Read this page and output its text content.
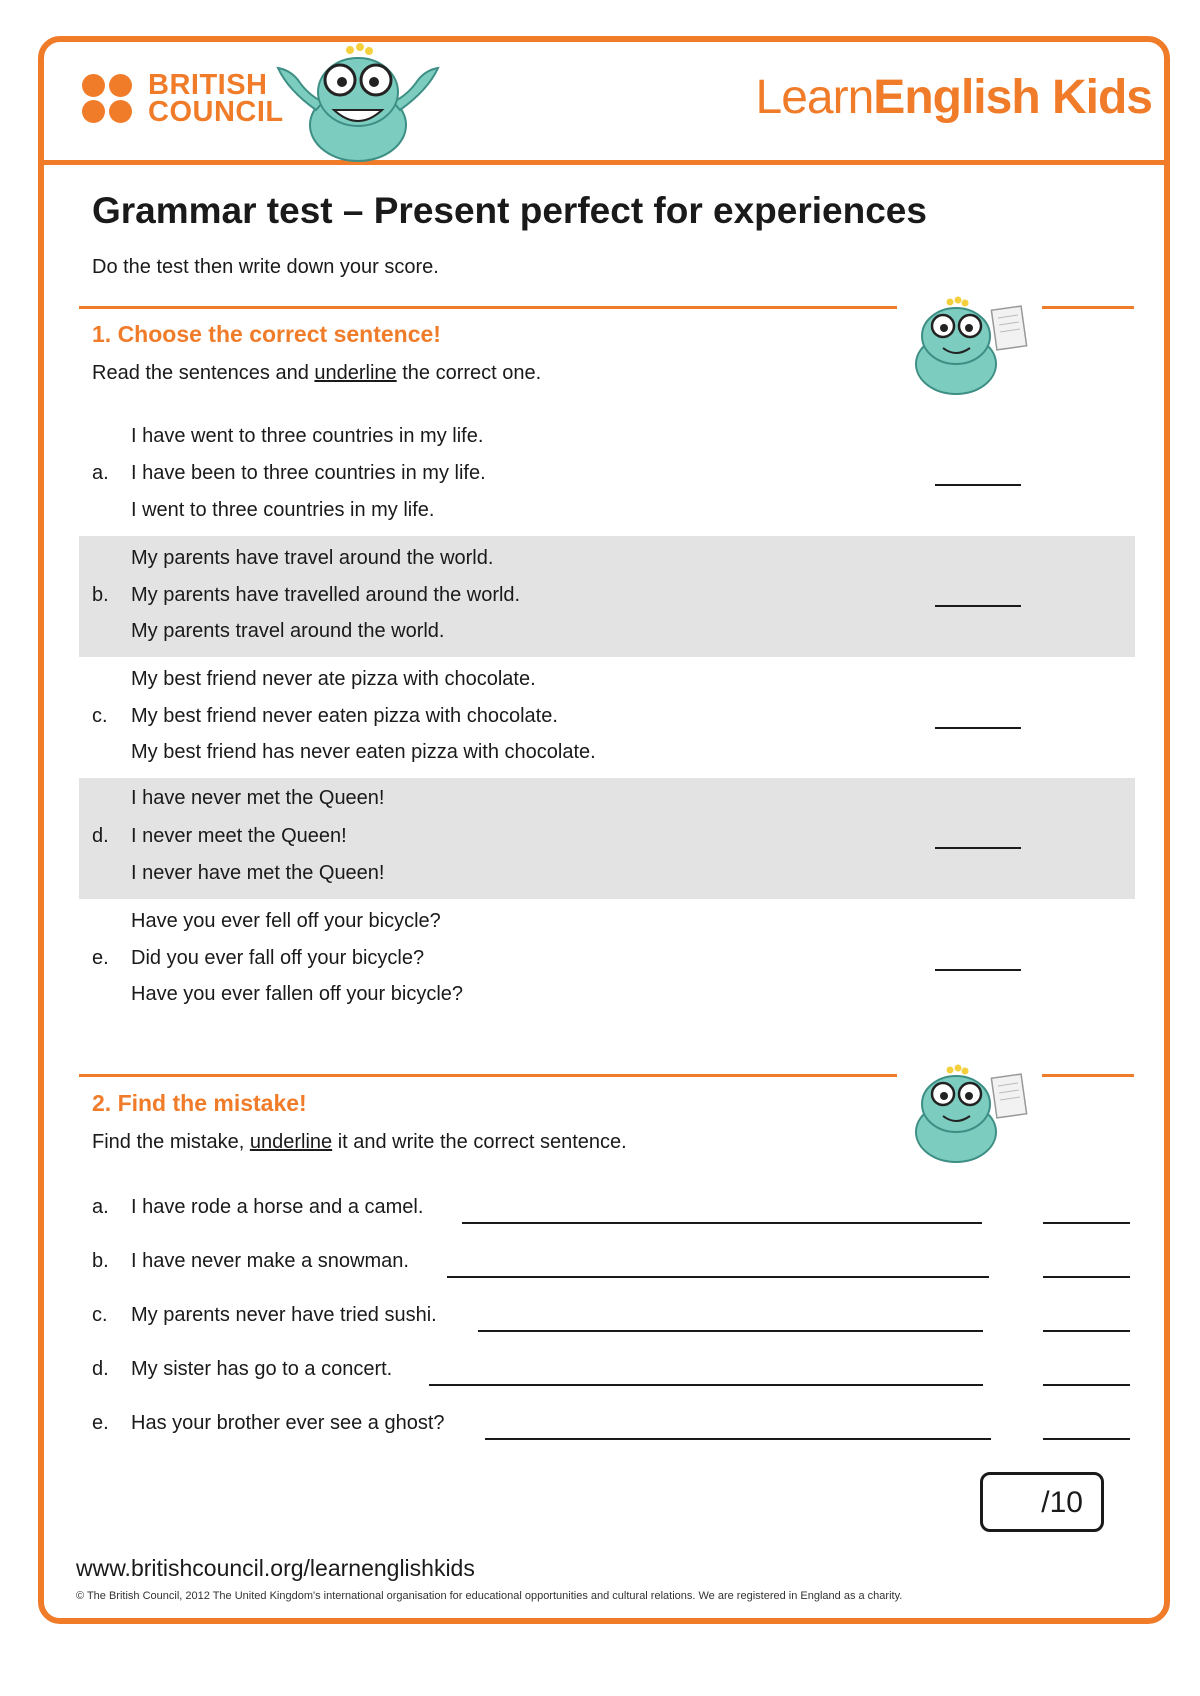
BRITISH
COUNCIL	LearnEnglish Kids
Grammar test – Present perfect for experiences
Do the test then write down your score.
1. Choose the correct sentence!
Read the sentences and underline the correct one.
I have went to three countries in my life.
a. I have been to three countries in my life.
I went to three countries in my life.
My parents have travel around the world.
b. My parents have travelled around the world.
My parents travel around the world.
My best friend never ate pizza with chocolate.
c. My best friend never eaten pizza with chocolate.
My best friend has never eaten pizza with chocolate.
I have never met the Queen!
d. I never meet the Queen!
I never have met the Queen!
Have you ever fell off your bicycle?
e. Did you ever fall off your bicycle?
Have you ever fallen off your bicycle?
2. Find the mistake!
Find the mistake, underline it and write the correct sentence.
a. I have rode a horse and a camel.
b. I have never make a snowman.
c. My parents never have tried sushi.
d. My sister has go to a concert.
e. Has your brother ever see a ghost?
/10
www.britishcouncil.org/learnenglishkids
© The British Council, 2012 The United Kingdom's international organisation for educational opportunities and cultural relations. We are registered in England as a charity.
